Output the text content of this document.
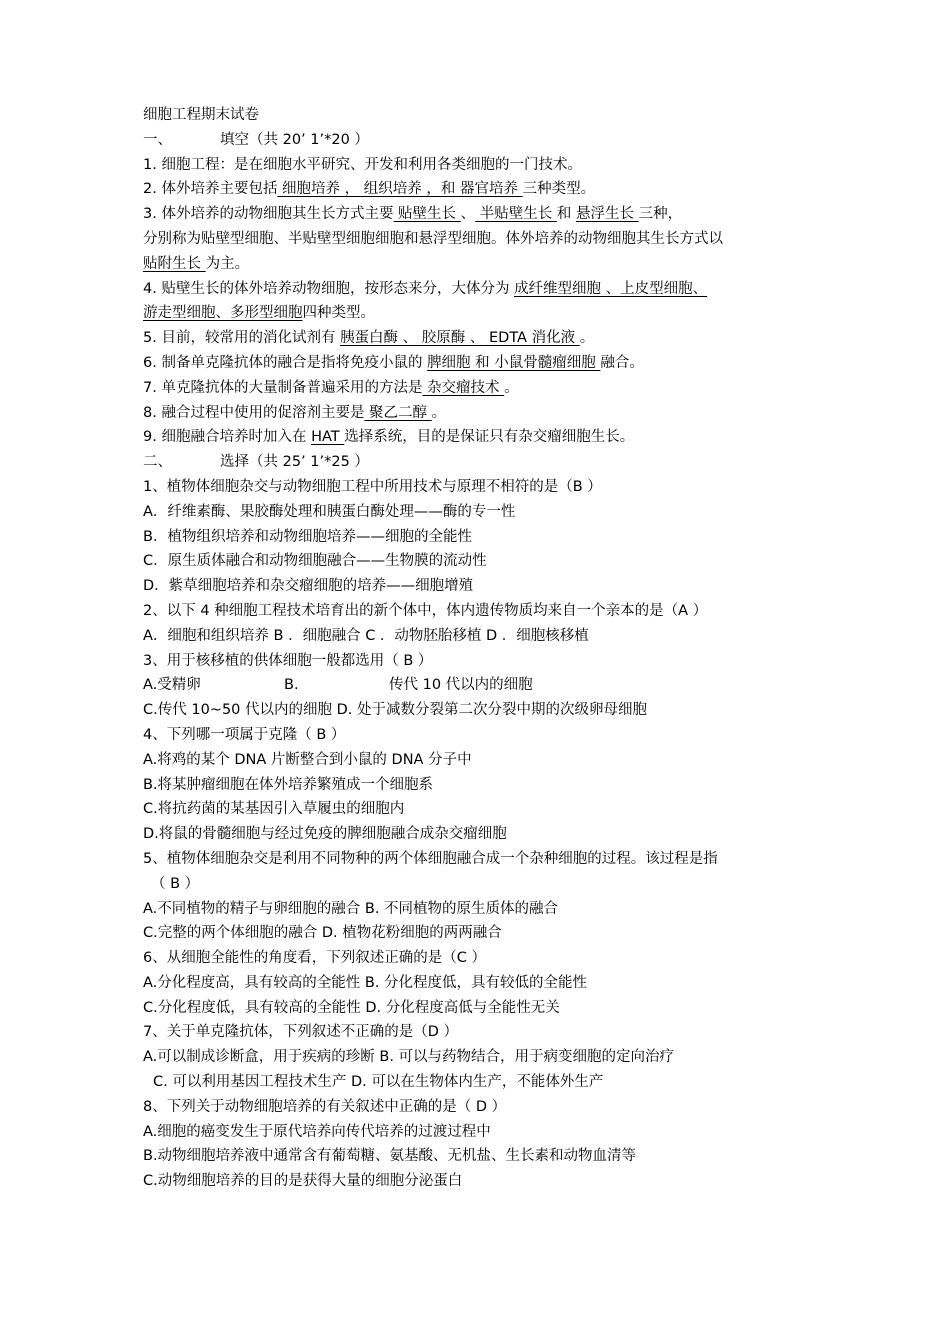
细胞工程期末试卷
一、	填空（共 20’ 1’*20 ）
1. 细胞工程：是在细胞水平研究、开发和利用各类细胞的一门技术。
2. 体外培养主要包括 细胞培养 ， 组织培养 ，和 器官培养 三种类型。
3. 体外培养的动物细胞其生长方式主要 贴壁生长 、 半贴壁生长 和 悬浮生长 三种，
分别称为贴壁型细胞、半贴壁型细胞细胞和悬浮型细胞。体外培养的动物细胞其生长方式以
贴附生长 为主。
4. 贴壁生长的体外培养动物细胞，按形态来分，大体分为 成纤维型细胞 、上皮型细胞、
游走型细胞、多形型细胞四种类型。
5. 目前，较常用的消化试剂有 胰蛋白酶 、 胶原酶 、 EDTA 消化液 。
6. 制备单克隆抗体的融合是指将免疫小鼠的 脾细胞 和 小鼠骨髓瘤细胞 融合。
7. 单克隆抗体的大量制备普遍采用的方法是 杂交瘤技术 。
8. 融合过程中使用的促溶剂主要是 聚乙二醇 。
9. 细胞融合培养时加入在 HAT 选择系统，目的是保证只有杂交瘤细胞生长。
二、	选择（共 25’ 1’*25 ）
1、植物体细胞杂交与动物细胞工程中所用技术与原理不相符的是（B ）
A．纤维素酶、果胶酶处理和胰蛋白酶处理——酶的专一性
B．植物组织培养和动物细胞培养——细胞的全能性
C．原生质体融合和动物细胞融合——生物膜的流动性
D．紫草细胞培养和杂交瘤细胞的培养——细胞增殖
2、以下 4 种细胞工程技术培育出的新个体中，体内遗传物质均来自一个亲本的是（A ）
A．细胞和组织培养 B ．细胞融合 C ．动物胚胎移植 D ．细胞核移植
3、用于核移植的供体细胞一般都选用（ B ）
A.受精卵	B.	传代 10 代以内的细胞
C.传代 10~50 代以内的细胞 D. 处于减数分裂第二次分裂中期的次级卵母细胞
4、下列哪一项属于克隆（ B ）
A.将鸡的某个 DNA 片断整合到小鼠的 DNA 分子中
B.将某肿瘤细胞在体外培养繁殖成一个细胞系
C.将抗药菌的某基因引入草履虫的细胞内
D.将鼠的骨髓细胞与经过免疫的脾细胞融合成杂交瘤细胞
5、植物体细胞杂交是利用不同物种的两个体细胞融合成一个杂种细胞的过程。该过程是指
（ B ）
A.不同植物的精子与卵细胞的融合 B. 不同植物的原生质体的融合
C.完整的两个体细胞的融合 D. 植物花粉细胞的两两融合
6、从细胞全能性的角度看，下列叙述正确的是（C ）
A.分化程度高，具有较高的全能性 B. 分化程度低，具有较低的全能性
C.分化程度低，具有较高的全能性 D. 分化程度高低与全能性无关
7、关于单克隆抗体，下列叙述不正确的是（D ）
A.可以制成诊断盒，用于疾病的珍断 B. 可以与药物结合，用于病变细胞的定向治疗
C. 可以利用基因工程技术生产 D. 可以在生物体内生产，不能体外生产
8、下列关于动物细胞培养的有关叙述中正确的是（ D ）
A.细胞的癌变发生于原代培养向传代培养的过渡过程中
B.动物细胞培养液中通常含有葡萄糖、氨基酸、无机盐、生长素和动物血清等
C.动物细胞培养的目的是获得大量的细胞分泌蛋白
